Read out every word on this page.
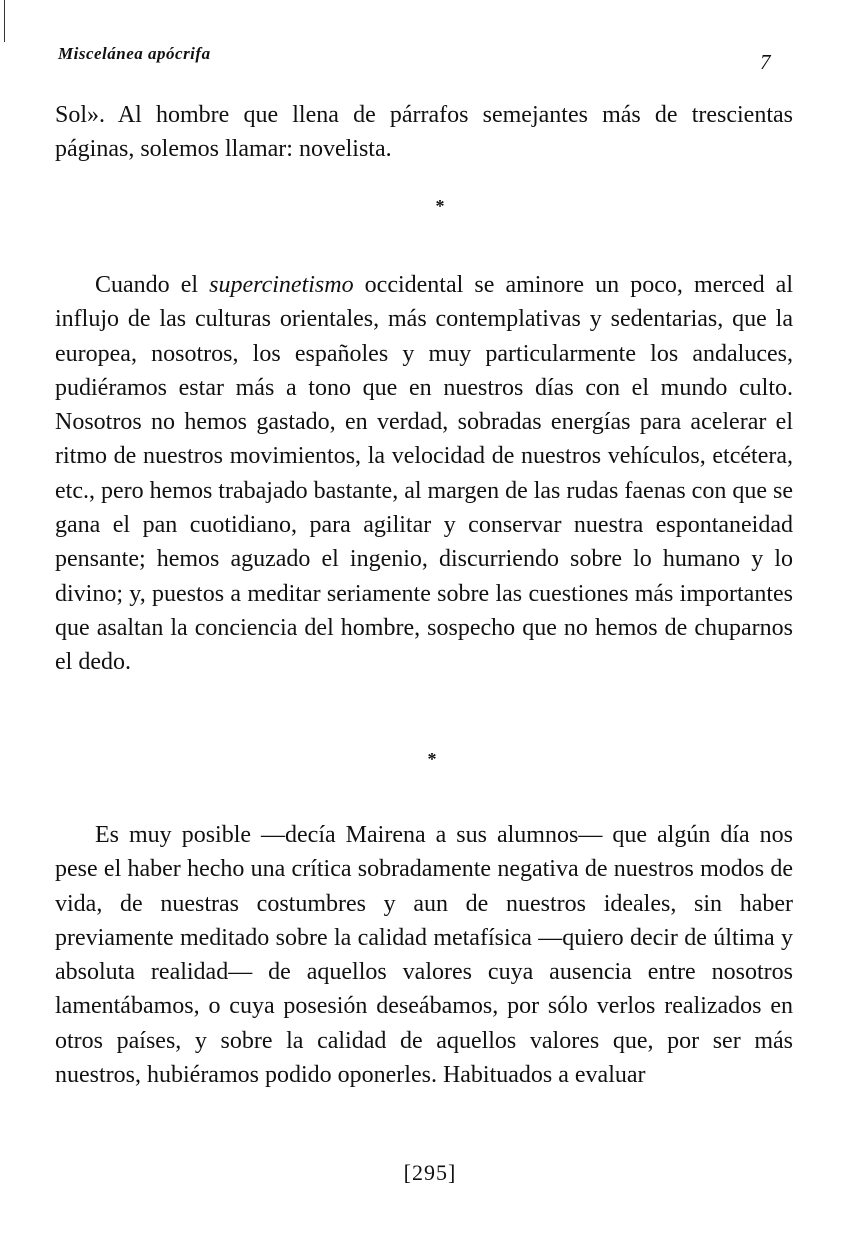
Miscelánea apócrifa	7

Sol». Al hombre que llena de párrafos semejantes más de trescientas páginas, solemos llamar: novelista.

*

Cuando el supercinetismo occidental se aminore un poco, merced al influjo de las culturas orientales, más contemplativas y sedentarias, que la europea, nosotros, los españoles y muy particularmente los andaluces, pudiéramos estar más a tono que en nuestros días con el mundo culto. Nosotros no hemos gastado, en verdad, sobradas energías para acelerar el ritmo de nuestros movimientos, la velocidad de nuestros vehículos, etcétera, etc., pero hemos trabajado bastante, al margen de las rudas faenas con que se gana el pan cuotidiano, para agilitar y conservar nuestra espontaneidad pensante; hemos aguzado el ingenio, discurriendo sobre lo humano y lo divino; y, puestos a meditar seriamente sobre las cuestiones más importantes que asaltan la conciencia del hombre, sospecho que no hemos de chuparnos el dedo.

*

Es muy posible —decía Mairena a sus alumnos— que algún día nos pese el haber hecho una crítica sobradamente negativa de nuestros modos de vida, de nuestras costumbres y aun de nuestros ideales, sin haber previamente meditado sobre la calidad metafísica —quiero decir de última y absoluta realidad— de aquellos valores cuya ausencia entre nosotros lamentábamos, o cuya posesión deseábamos, por sólo verlos realizados en otros países, y sobre la calidad de aquellos valores que, por ser más nuestros, hubiéramos podido oponerles. Habituados a evaluar

[295]
